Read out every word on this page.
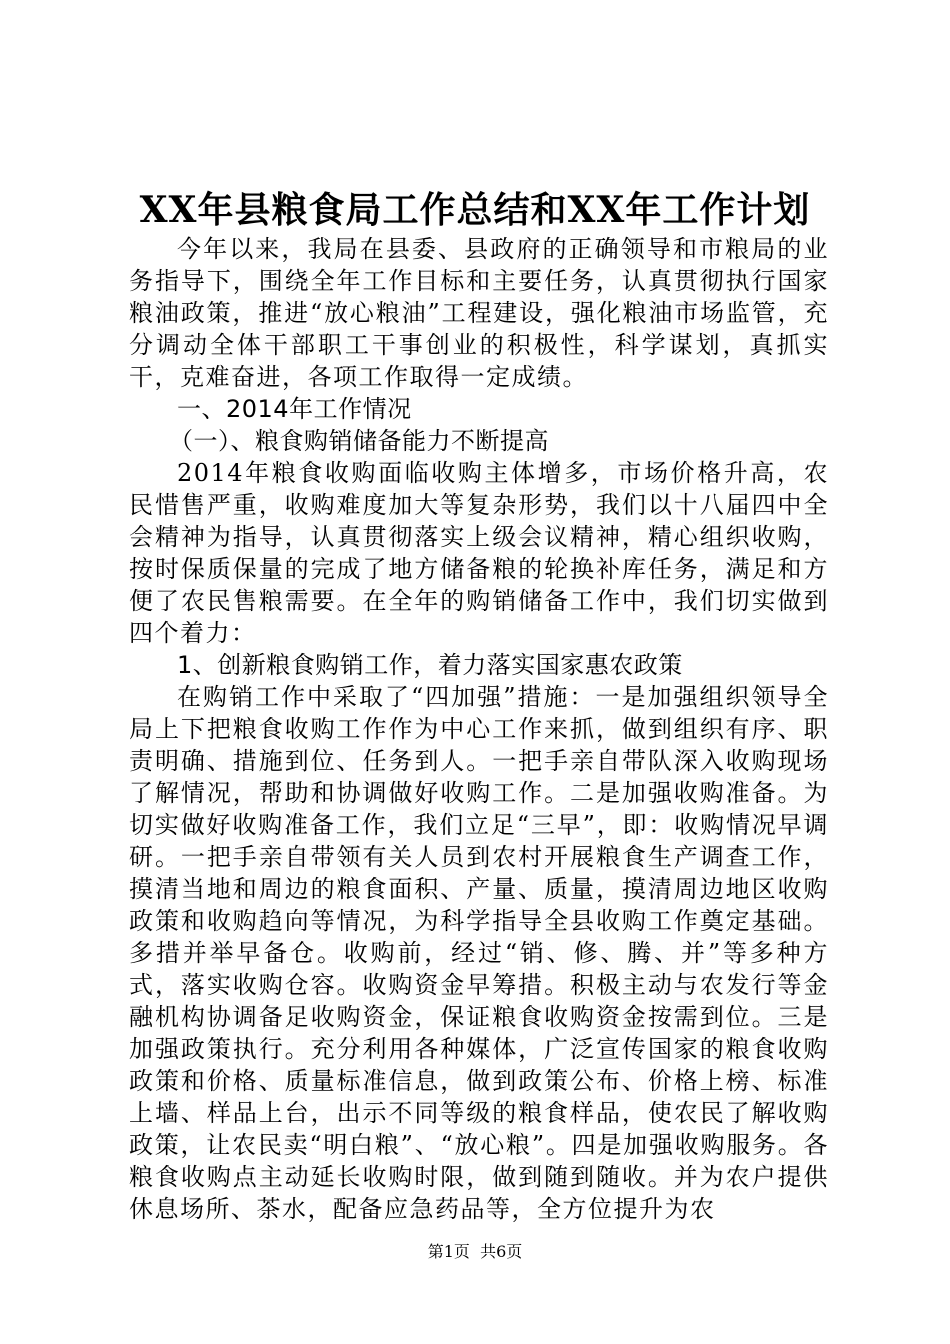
XX年县粮食局工作总结和XX年工作计划

今年以来，我局在县委、县政府的正确领导和市粮局的业务指导下，围绕全年工作目标和主要任务，认真贯彻执行国家粮油政策，推进“放心粮油”工程建设，强化粮油市场监管，充分调动全体干部职工干事创业的积极性，科学谋划，真抓实干，克难奋进，各项工作取得一定成绩。

一、2014年工作情况

（一）、粮食购销储备能力不断提高

2014年粮食收购面临收购主体增多，市场价格升高，农民惜售严重，收购难度加大等复杂形势，我们以十八届四中全会精神为指导，认真贯彻落实上级会议精神，精心组织收购，按时保质保量的完成了地方储备粮的轮换补库任务，满足和方便了农民售粮需要。在全年的购销储备工作中，我们切实做到四个着力：

1、创新粮食购销工作，着力落实国家惠农政策

在购销工作中采取了“四加强”措施：一是加强组织领导全局上下把粮食收购工作作为中心工作来抓，做到组织有序、职责明确、措施到位、任务到人。一把手亲自带队深入收购现场了解情况，帮助和协调做好收购工作。二是加强收购准备。为切实做好收购准备工作，我们立足“三早”，即：收购情况早调研。一把手亲自带领有关人员到农村开展粮食生产调查工作，摸清当地和周边的粮食面积、产量、质量，摸清周边地区收购政策和收购趋向等情况，为科学指导全县收购工作奠定基础。多措并举早备仓。收购前，经过“销、修、腾、并”等多种方式，落实收购仓容。收购资金早筹措。积极主动与农发行等金融机构协调备足收购资金，保证粮食收购资金按需到位。三是加强政策执行。充分利用各种媒体，广泛宣传国家的粮食收购政策和价格、质量标准信息，做到政策公布、价格上榜、标准上墙、样品上台，出示不同等级的粮食样品，使农民了解收购政策，让农民卖“明白粮”、“放心粮”。四是加强收购服务。各粮食收购点主动延长收购时限，做到随到随收。并为农户提供休息场所、茶水，配备应急药品等，全方位提升为农

第1页  共6页
